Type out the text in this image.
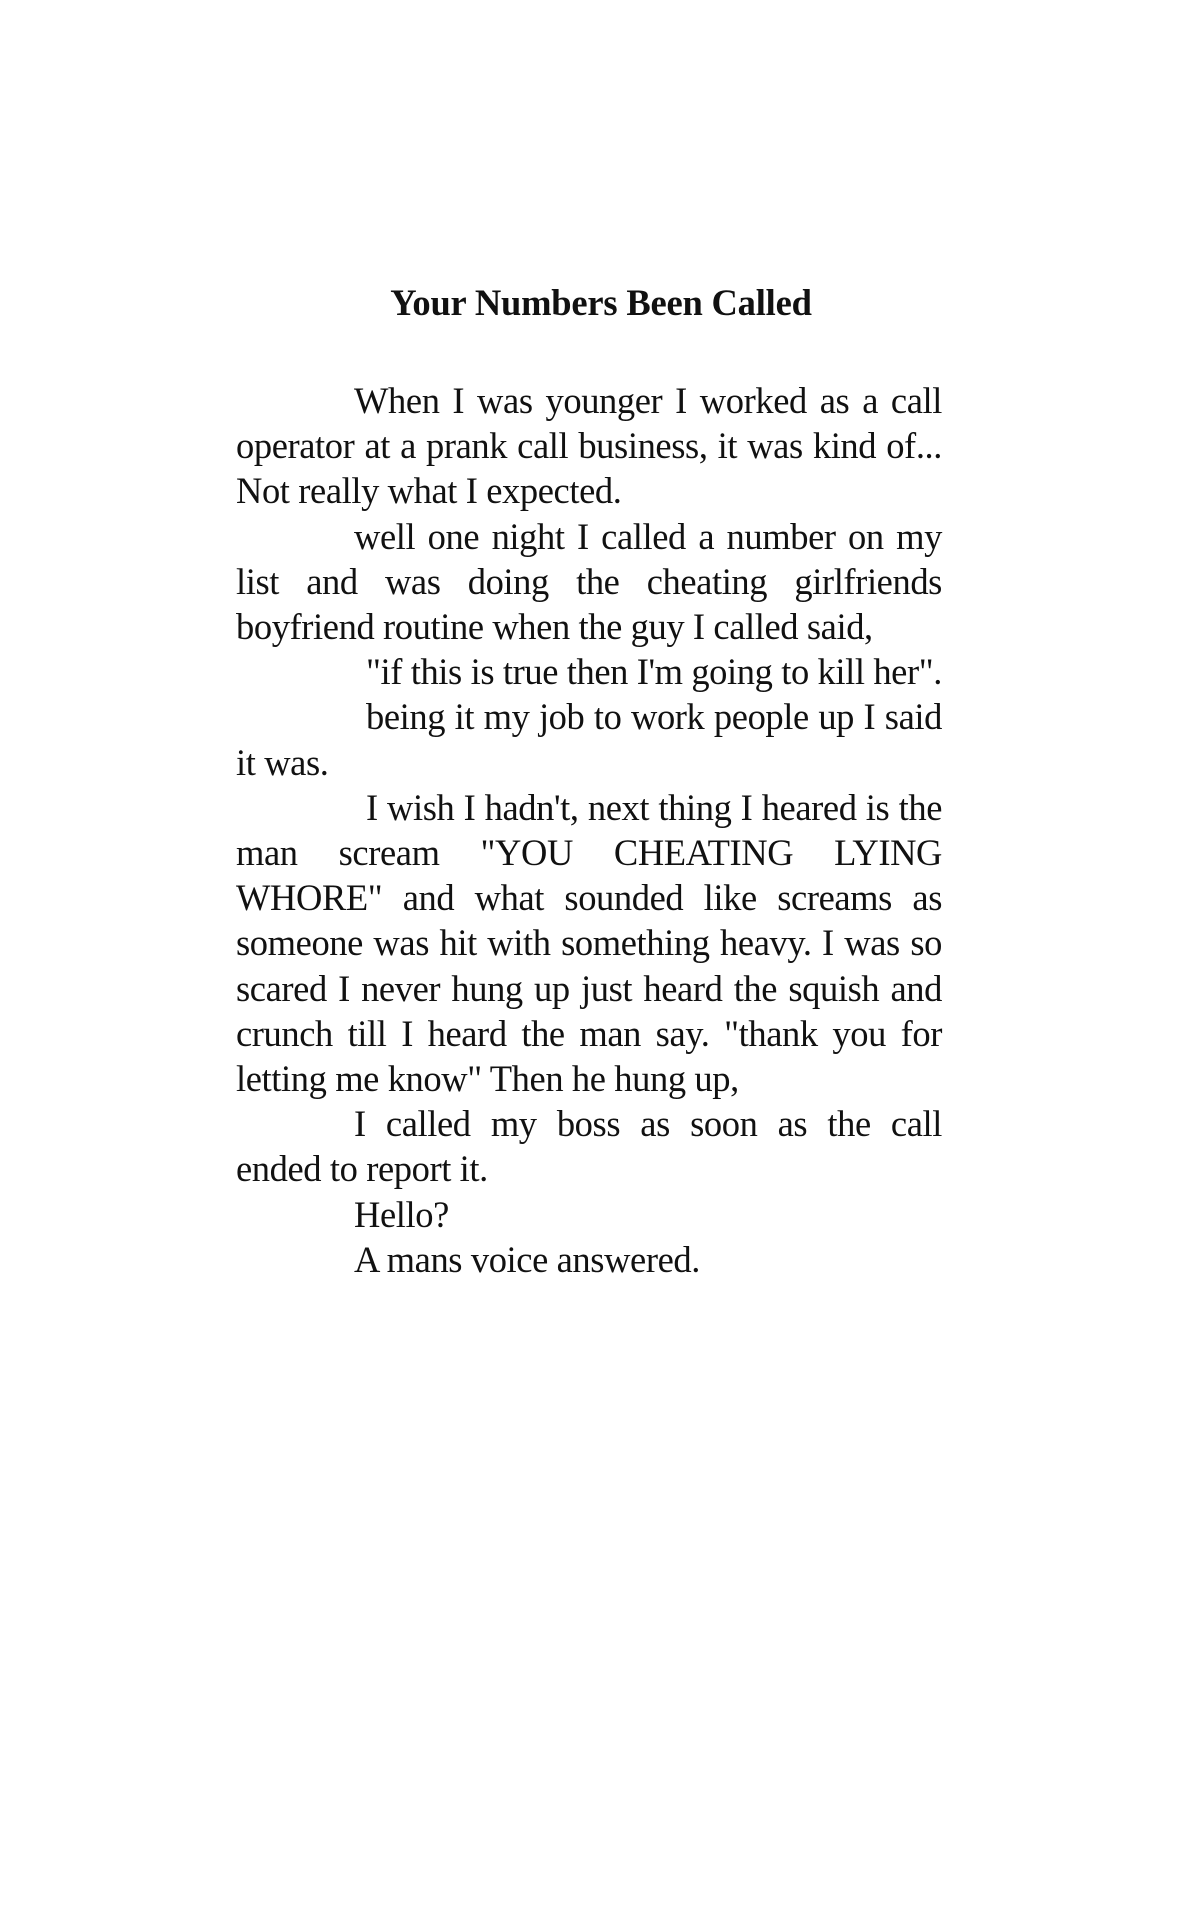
Your Numbers Been Called

When I was younger I worked as a call operator at a prank call business, it was kind of... Not really what I expected.

well one night I called a number on my list and was doing the cheating girlfriends boyfriend routine when the guy I called said,

"if this is true then I'm going to kill her".

being it my job to work people up I said it was.

I wish I hadn't, next thing I heared is the man scream "YOU CHEATING LYING WHORE" and what sounded like screams as someone was hit with something heavy. I was so scared I never hung up just heard the squish and crunch till I heard the man say. "thank you for letting me know" Then he hung up,

I called my boss as soon as the call ended to report it.

Hello?

A mans voice answered.
